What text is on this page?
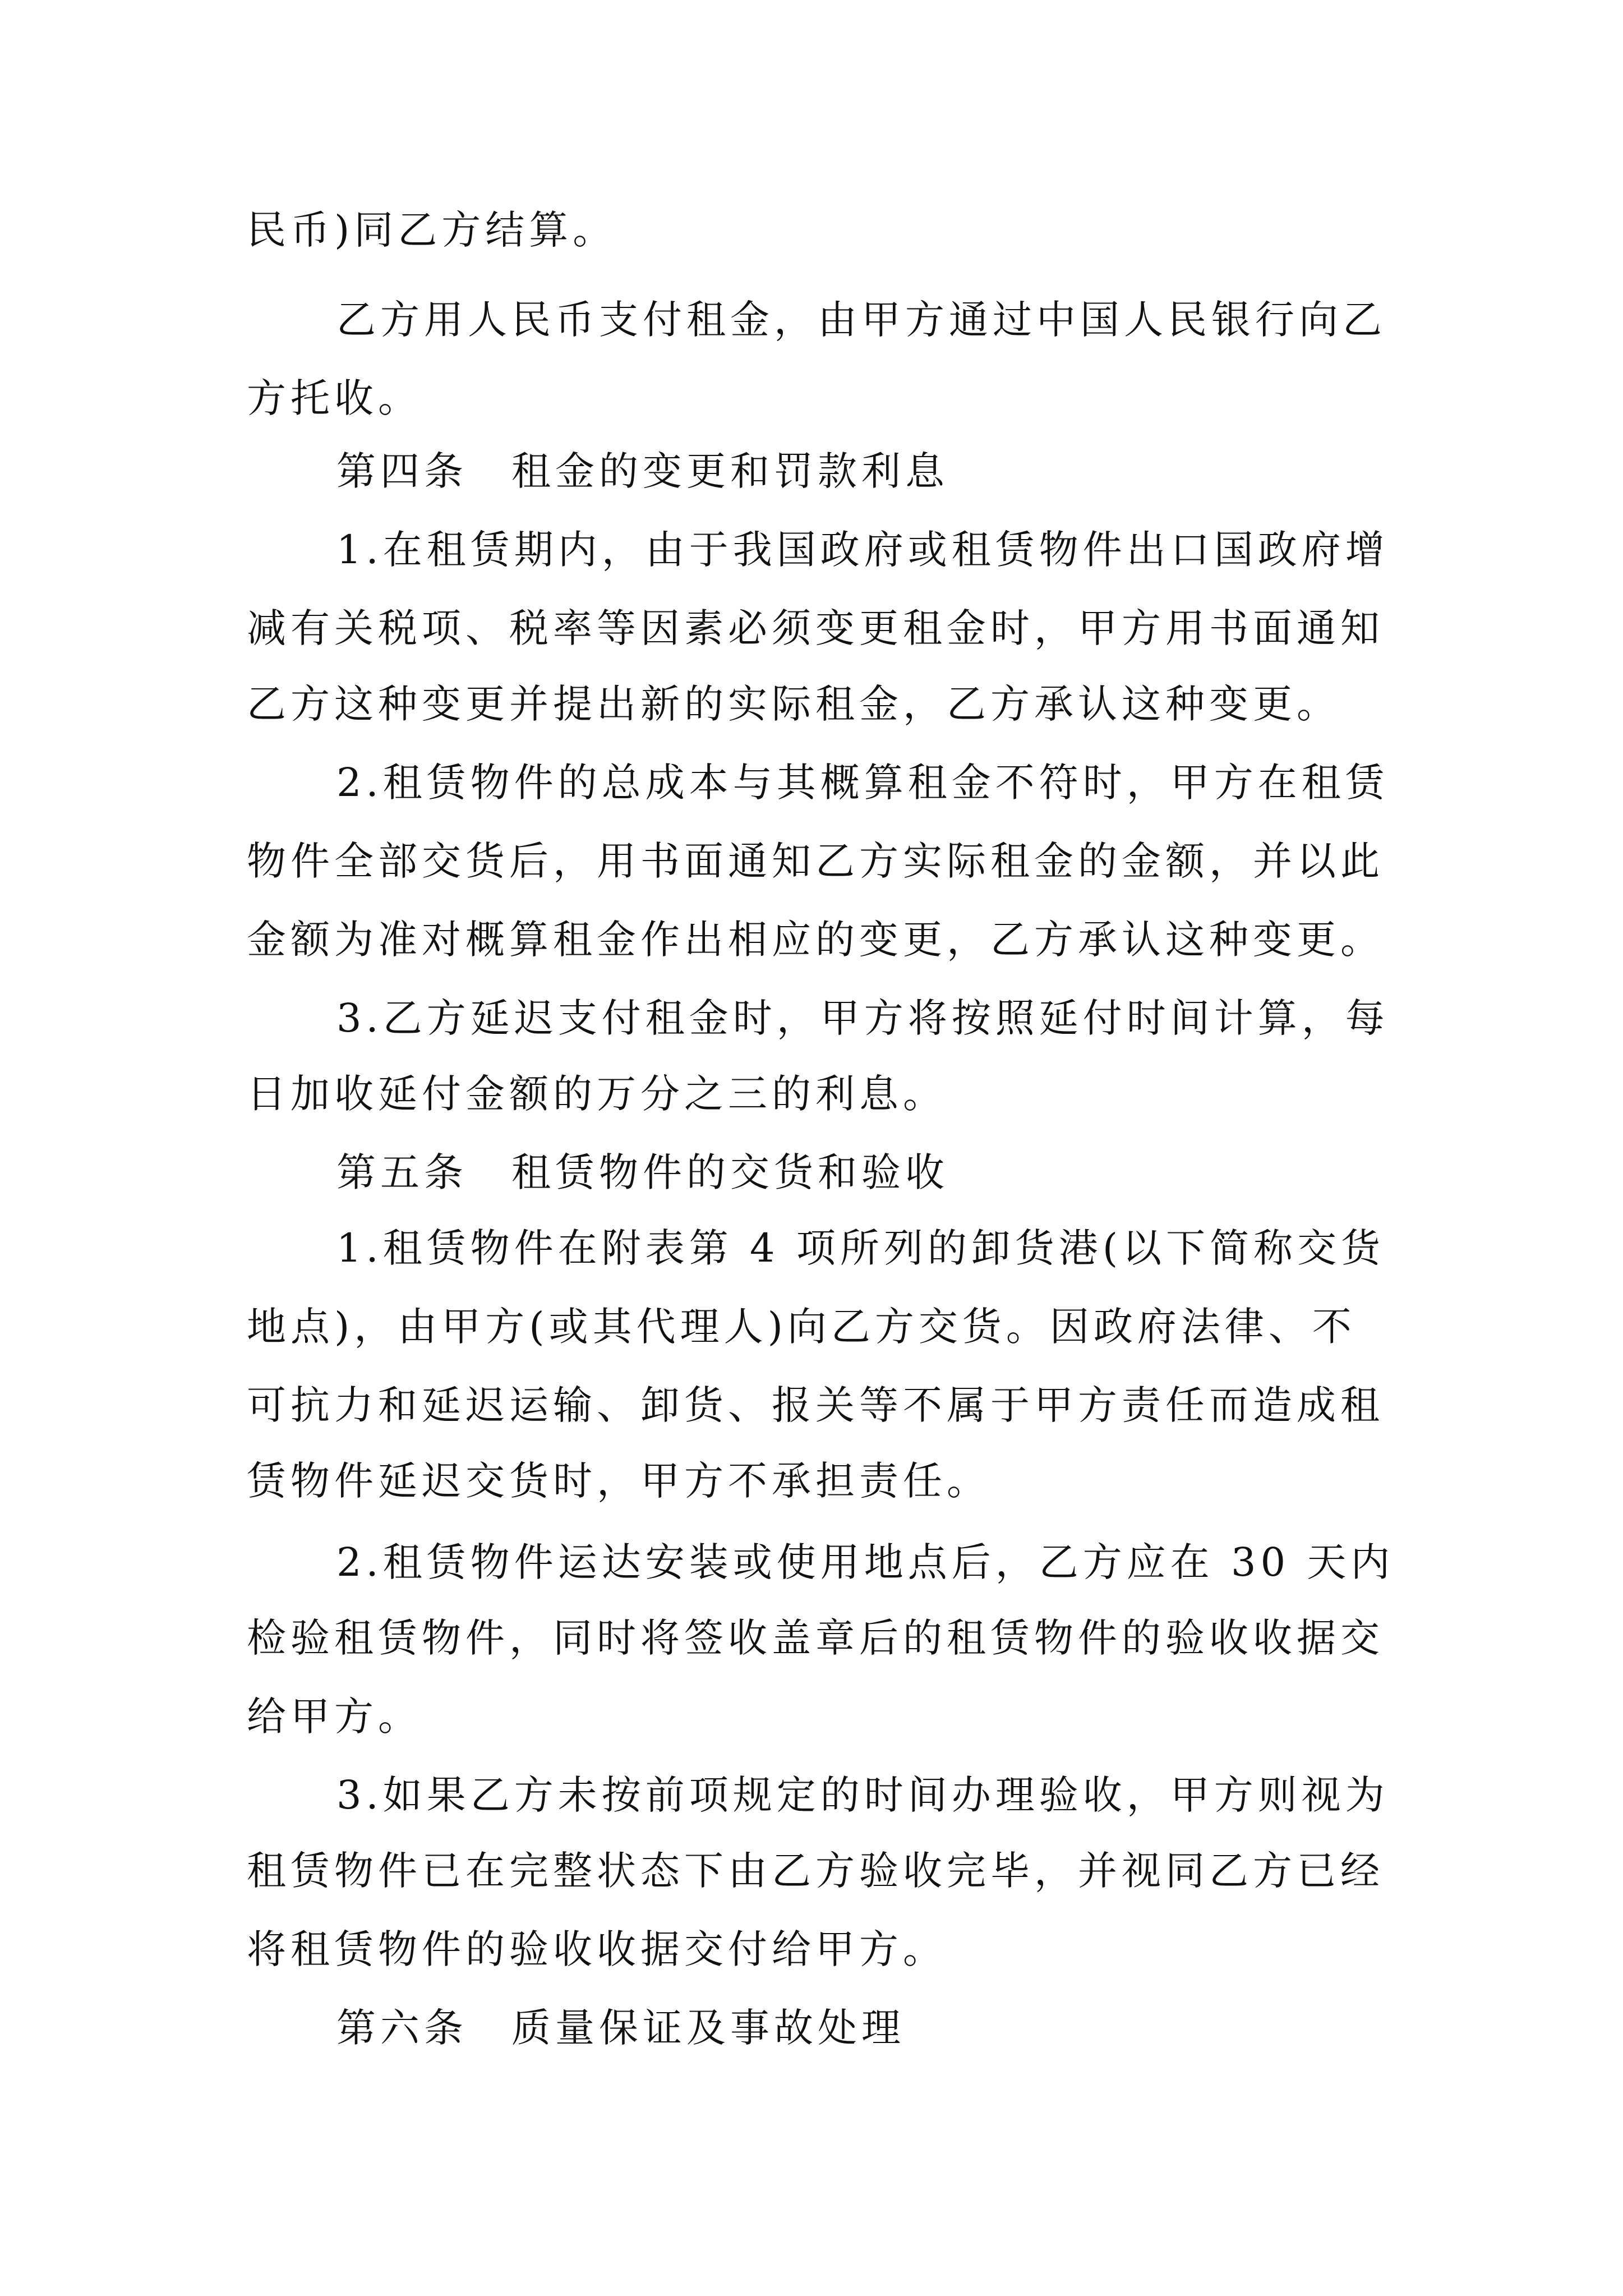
民币)同乙方结算。

乙方用人民币支付租金，由甲方通过中国人民银行向乙

方托收。

第四条　租金的变更和罚款利息

1.在租赁期内，由于我国政府或租赁物件出口国政府增

减有关税项、税率等因素必须变更租金时，甲方用书面通知

乙方这种变更并提出新的实际租金，乙方承认这种变更。

2.租赁物件的总成本与其概算租金不符时，甲方在租赁

物件全部交货后，用书面通知乙方实际租金的金额，并以此

金额为准对概算租金作出相应的变更，乙方承认这种变更。

3.乙方延迟支付租金时，甲方将按照延付时间计算，每

日加收延付金额的万分之三的利息。

第五条　租赁物件的交货和验收

1.租赁物件在附表第 4 项所列的卸货港(以下简称交货

地点)，由甲方(或其代理人)向乙方交货。因政府法律、不

可抗力和延迟运输、卸货、报关等不属于甲方责任而造成租

赁物件延迟交货时，甲方不承担责任。

2.租赁物件运达安装或使用地点后，乙方应在 30 天内

检验租赁物件，同时将签收盖章后的租赁物件的验收收据交

给甲方。

3.如果乙方未按前项规定的时间办理验收，甲方则视为

租赁物件已在完整状态下由乙方验收完毕，并视同乙方已经

将租赁物件的验收收据交付给甲方。

第六条　质量保证及事故处理
